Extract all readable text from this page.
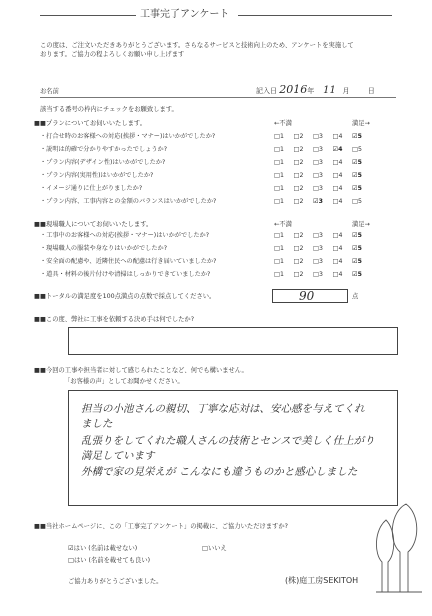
工事完了アンケート
この度は、ご注文いただきありがとうございます。さらなるサービスと技術向上のため、アンケートを実施して
おります。ご協力の程よろしくお願い申し上げます
お名前	記入日 2016年 11 月	日
該当する番号の枠内にチェックをお願致します。
■■プランについてお伺いいたします。	←不満	満足→
・打合せ時のお客様への対応(挨拶・マナー)はいかがでしたか?	□1 □2 □3 □4 ☑5
・説明は的確で分かりやすかったでしょうか?	□1 □2 □3 ☑4 □5
・プラン内容(デザイン性)はいかがでしたか?	□1 □2 □3 □4 ☑5
・プラン内容(実用性)はいかがでしたか?	□1 □2 □3 □4 ☑5
・イメージ通りに仕上がりましたか?	□1 □2 □3 □4 ☑5
・プラン内容、工事内容との金額のバランスはいかがでしたか?	□1 □2 ☑3 □4 □5
■■現場職人についてお伺いいたします。	←不満	満足→
・工事中のお客様への対応(挨拶・マナー)はいかがでしたか?	□1 □2 □3 □4 ☑5
・現場職人の服装や身なりはいかがでしたか?	□1 □2 □3 □4 ☑5
・安全面の配慮や、近隣住民への配慮は行き届いていましたか?	□1 □2 □3 □4 ☑5
・道具・材料の後片付けや清掃はしっかりできていましたか?	□1 □2 □3 □4 ☑5
■■トータルの満足度を100点満点の点数で採点してください。	90	点
■■この度、弊社に工事を依頼する決め手は何でしたか?
■■今回の工事や担当者に対して感じられたことなど、何でも構いません。
「お客様の声」としてお聞かせください。
担当の小池さんの親切、丁寧な応対は、安心感を与えてくれ
ました
乱張りをしてくれた職人さんの技術とセンスで美しく仕上がり
満足しています
外構で家の見栄えが こんなにも違うものかと感心しました
■■当社ホームページに、この「工事完了アンケート」の掲載に、ご協力いただけますか?
☑はい (名前は載せない)	□いいえ
□はい (名前を載せても良い)
ご協力ありがとうございました。	(株)庭工房SEKITOH
